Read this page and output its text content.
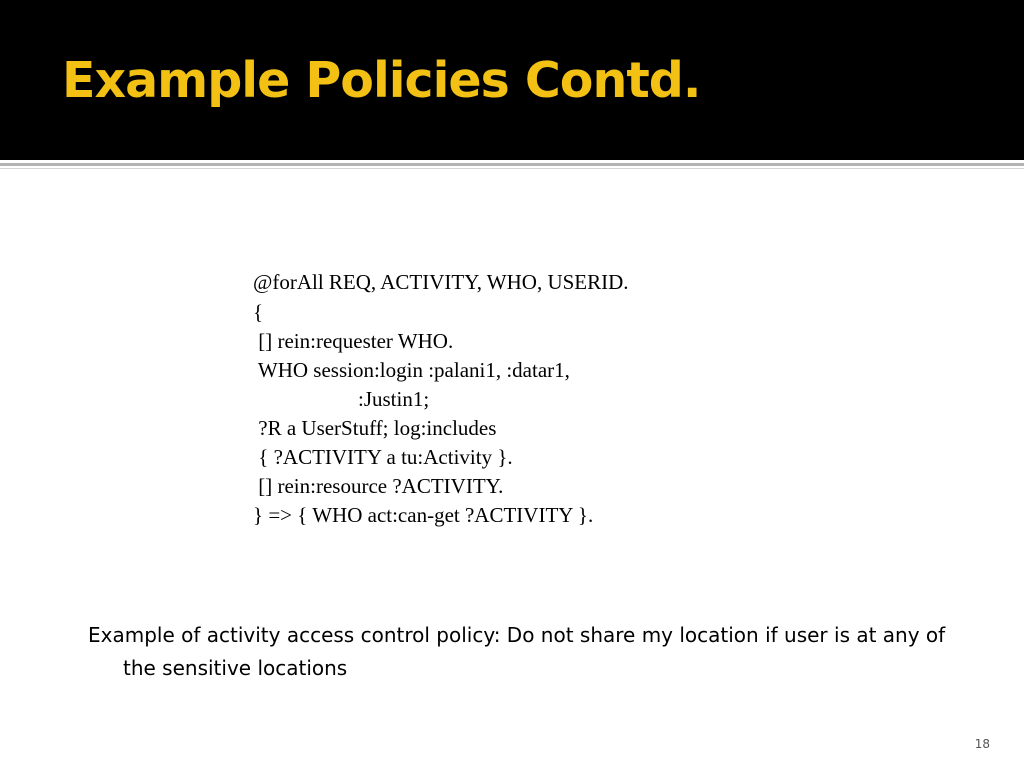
Example Policies Contd.
@forAll REQ, ACTIVITY, WHO, USERID.
{
[] rein:requester WHO.
WHO session:login :palani1, :datar1,
:Justin1;
?R a UserStuff; log:includes
{ ?ACTIVITY a tu:Activity }.
[] rein:resource ?ACTIVITY.
} => { WHO act:can-get ?ACTIVITY }.

Example of activity access control policy: Do not share my location if user is at any of the sensitive locations

18
